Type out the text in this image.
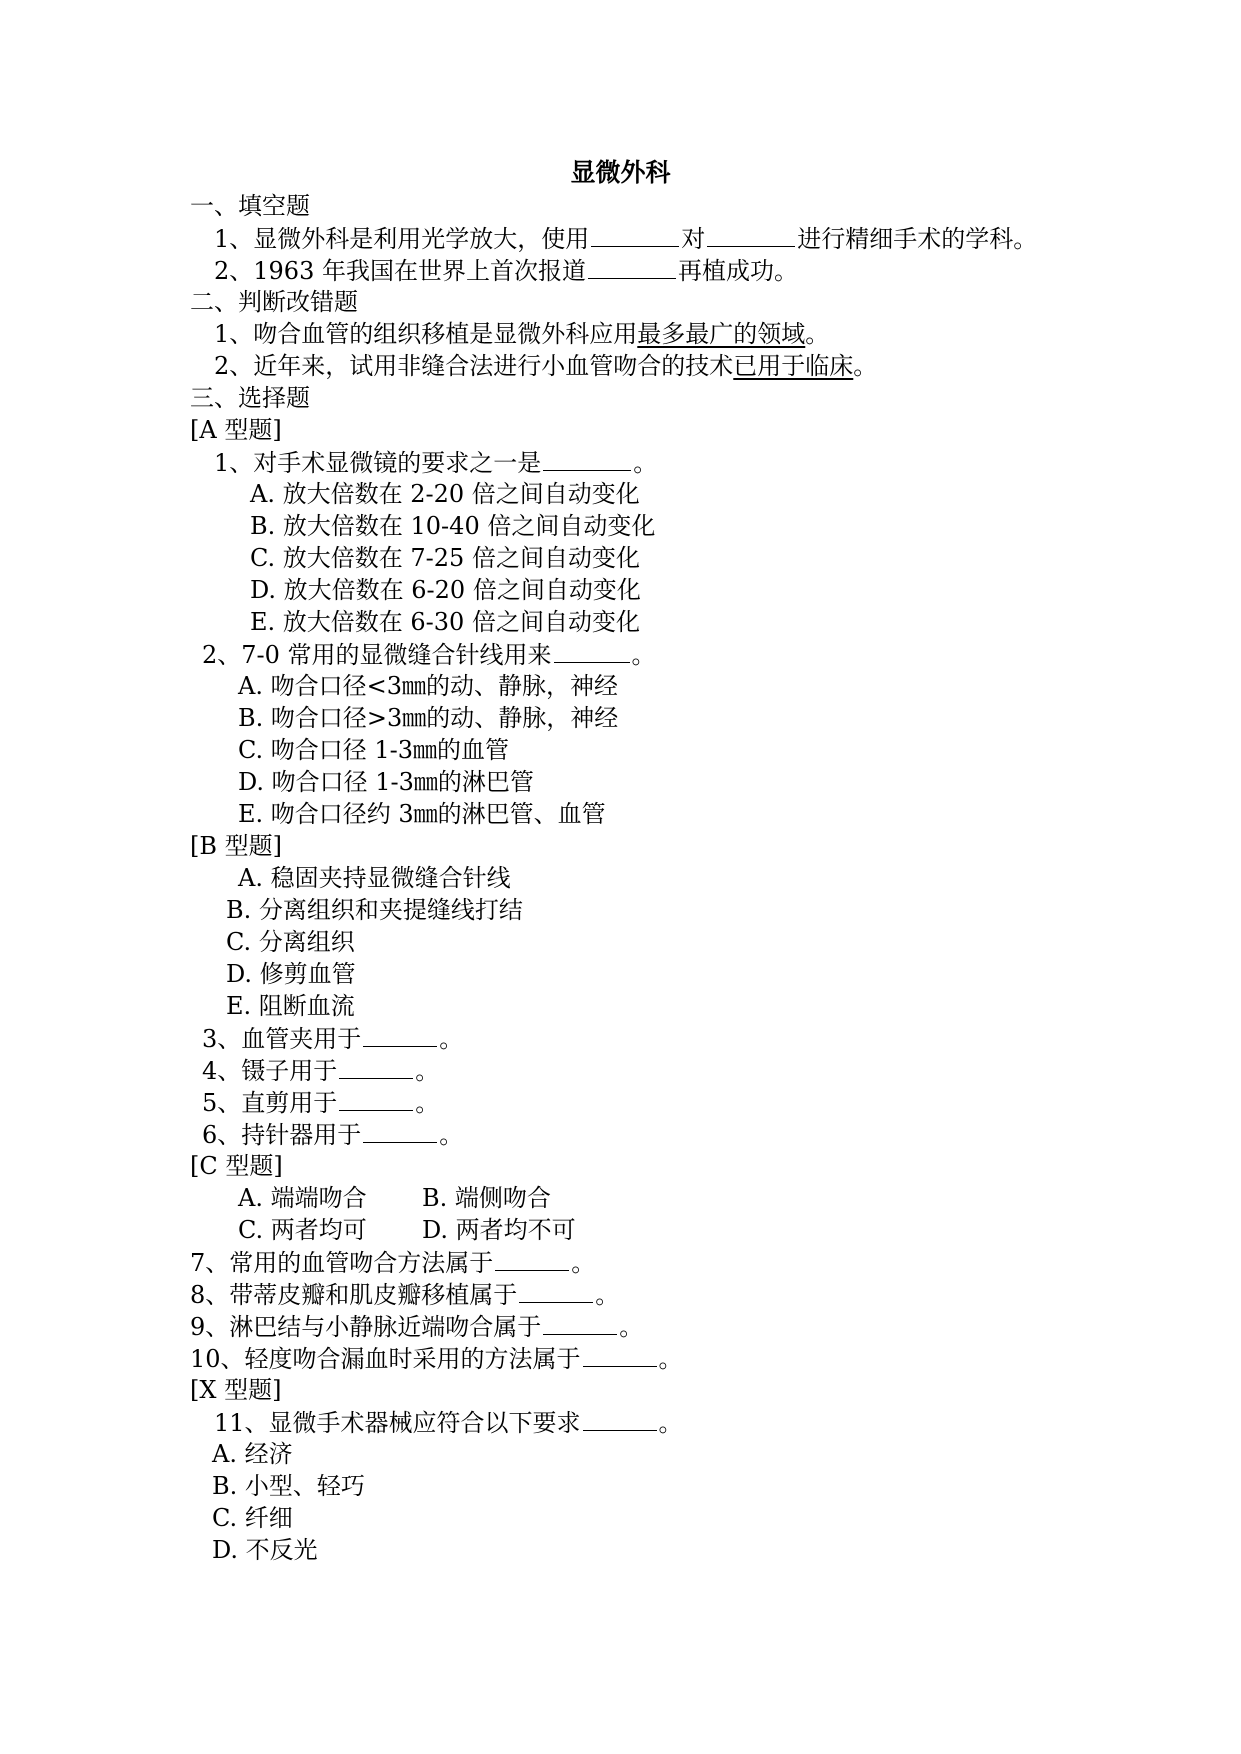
显微外科
一、填空题
1、显微外科是利用光学放大，使用	对	进行精细手术的学科。
2、1963 年我国在世界上首次报道	再植成功。
二、判断改错题
1、吻合血管的组织移植是显微外科应用最多最广的领域。
2、近年来，试用非缝合法进行小血管吻合的技术已用于临床。
三、选择题
[A 型题]
1、对手术显微镜的要求之一是	。
A. 放大倍数在 2-20 倍之间自动变化
B. 放大倍数在 10-40 倍之间自动变化
C. 放大倍数在 7-25 倍之间自动变化
D. 放大倍数在 6-20 倍之间自动变化
E. 放大倍数在 6-30 倍之间自动变化
2、7-0 常用的显微缝合针线用来	。
A. 吻合口径<3㎜的动、静脉，神经
B. 吻合口径>3㎜的动、静脉，神经
C. 吻合口径 1-3㎜的血管
D. 吻合口径 1-3㎜的淋巴管
E. 吻合口径约 3㎜的淋巴管、血管
[B 型题]
A. 稳固夹持显微缝合针线
B. 分离组织和夹提缝线打结
C. 分离组织
D. 修剪血管
E. 阻断血流
3、血管夹用于	。
4、镊子用于	。
5、直剪用于	。
6、持针器用于	。
[C 型题]
A. 端端吻合 B. 端侧吻合
C. 两者均可 D. 两者均不可
7、常用的血管吻合方法属于	。
8、带蒂皮瓣和肌皮瓣移植属于	。
9、淋巴结与小静脉近端吻合属于	。
10、轻度吻合漏血时采用的方法属于	。
[X 型题]
11、显微手术器械应符合以下要求	。
A. 经济
B. 小型、轻巧
C. 纤细
D. 不反光
